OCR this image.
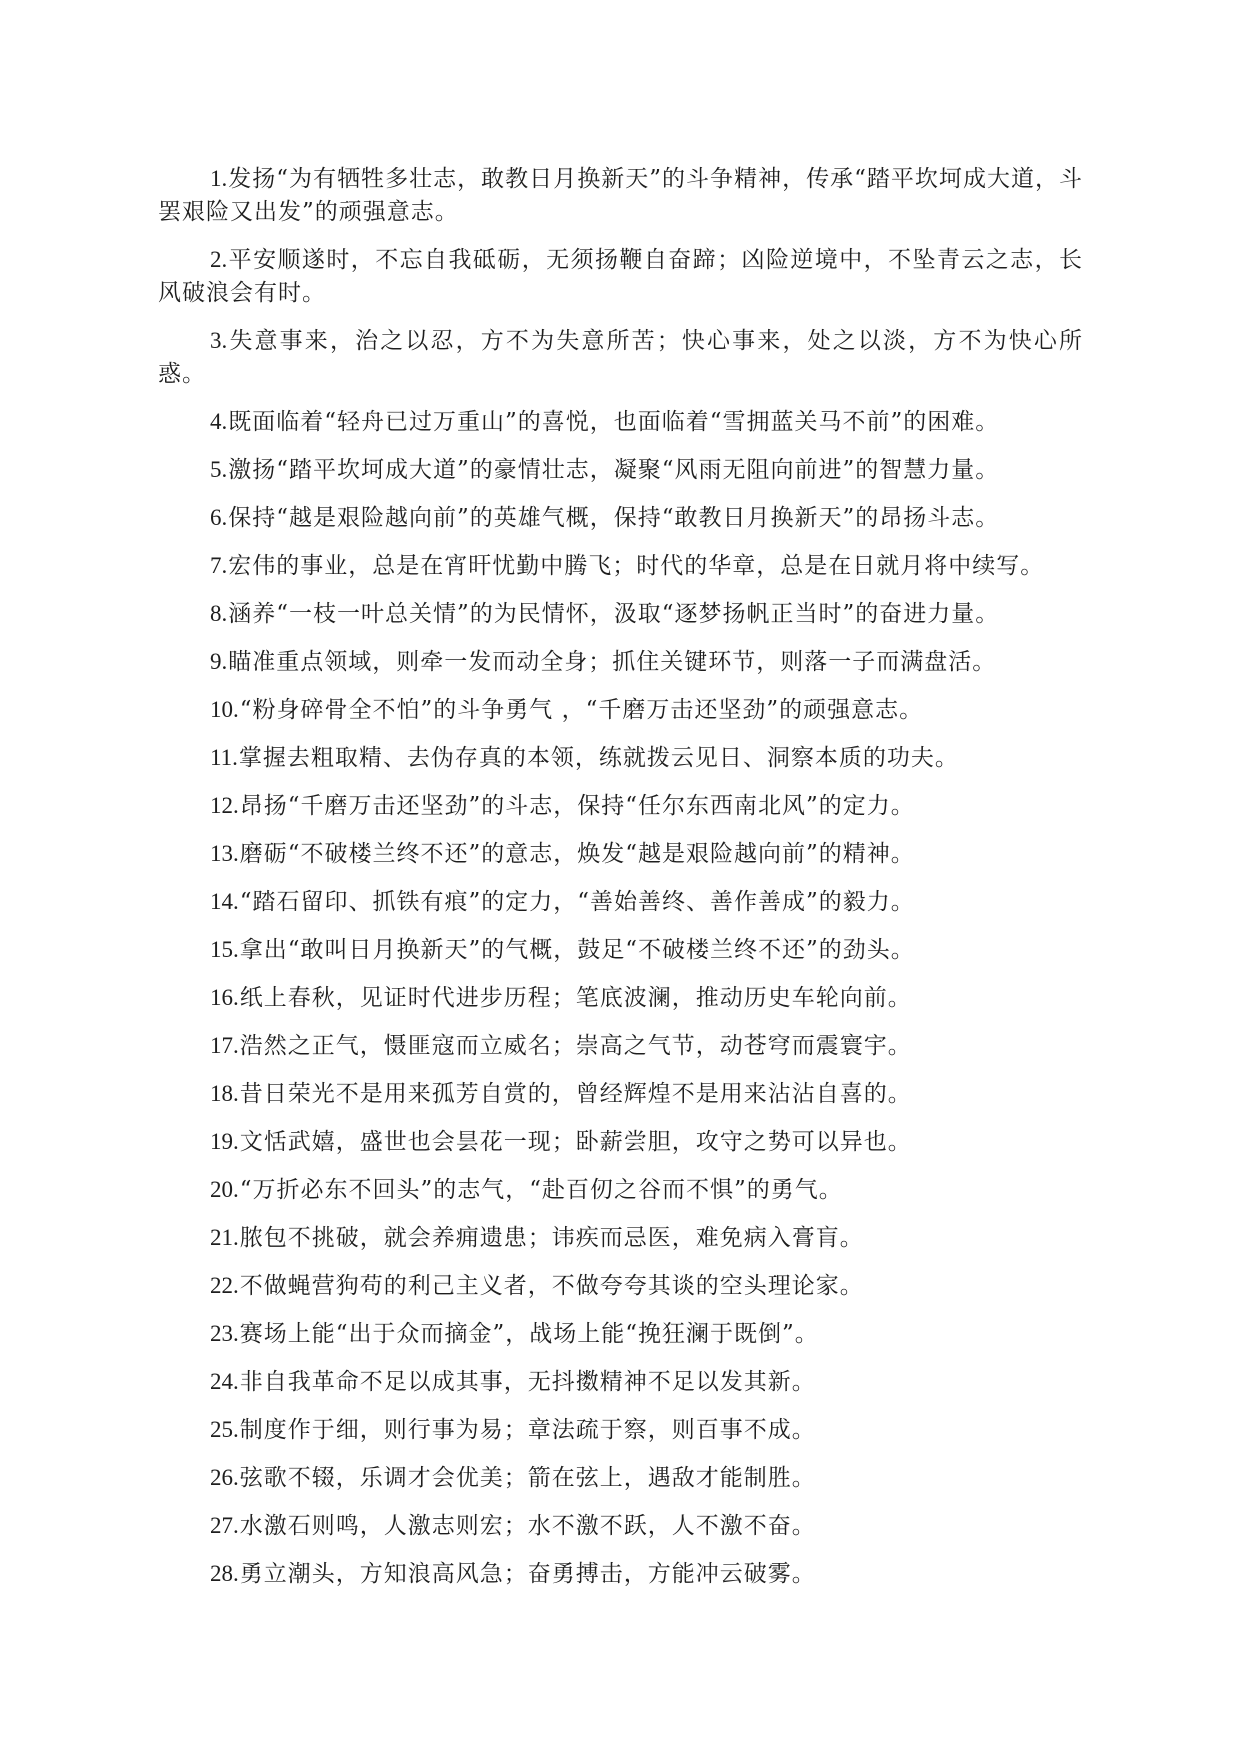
1.发扬“为有牺牲多壮志，敢教日月换新天”的斗争精神，传承“踏平坎坷成大道，斗罢艰险又出发”的顽强意志。

2.平安顺遂时，不忘自我砥砺，无须扬鞭自奋蹄；凶险逆境中，不坠青云之志，长风破浪会有时。

3.失意事来，治之以忍，方不为失意所苦；快心事来，处之以淡，方不为快心所惑。

4.既面临着“轻舟已过万重山”的喜悦，也面临着“雪拥蓝关马不前”的困难。

5.激扬“踏平坎坷成大道”的豪情壮志，凝聚“风雨无阻向前进”的智慧力量。

6.保持“越是艰险越向前”的英雄气概，保持“敢教日月换新天”的昂扬斗志。

7.宏伟的事业，总是在宵旰忧勤中腾飞；时代的华章，总是在日就月将中续写。

8.涵养“一枝一叶总关情”的为民情怀，汲取“逐梦扬帆正当时”的奋进力量。

9.瞄准重点领域，则牵一发而动全身；抓住关键环节，则落一子而满盘活。

10.“粉身碎骨全不怕”的斗争勇气 ，“千磨万击还坚劲”的顽强意志。

11.掌握去粗取精、去伪存真的本领，练就拨云见日、洞察本质的功夫。

12.昂扬“千磨万击还坚劲”的斗志，保持“任尔东西南北风”的定力。

13.磨砺“不破楼兰终不还”的意志，焕发“越是艰险越向前”的精神。

14.“踏石留印、抓铁有痕”的定力，“善始善终、善作善成”的毅力。

15.拿出“敢叫日月换新天”的气概，鼓足“不破楼兰终不还”的劲头。

16.纸上春秋，见证时代进步历程；笔底波澜，推动历史车轮向前。

17.浩然之正气，慑匪寇而立威名；崇高之气节，动苍穹而震寰宇。

18.昔日荣光不是用来孤芳自赏的，曾经辉煌不是用来沾沾自喜的。

19.文恬武嬉，盛世也会昙花一现；卧薪尝胆，攻守之势可以异也。

20.“万折必东不回头”的志气，“赴百仞之谷而不惧”的勇气。

21.脓包不挑破，就会养痈遗患；讳疾而忌医，难免病入膏肓。

22.不做蝇营狗苟的利己主义者，不做夸夸其谈的空头理论家。

23.赛场上能“出于众而摘金”，战场上能“挽狂澜于既倒”。

24.非自我革命不足以成其事，无抖擞精神不足以发其新。

25.制度作于细，则行事为易；章法疏于察，则百事不成。

26.弦歌不辍，乐调才会优美；箭在弦上，遇敌才能制胜。

27.水激石则鸣，人激志则宏；水不激不跃，人不激不奋。

28.勇立潮头，方知浪高风急；奋勇搏击，方能冲云破雾。
